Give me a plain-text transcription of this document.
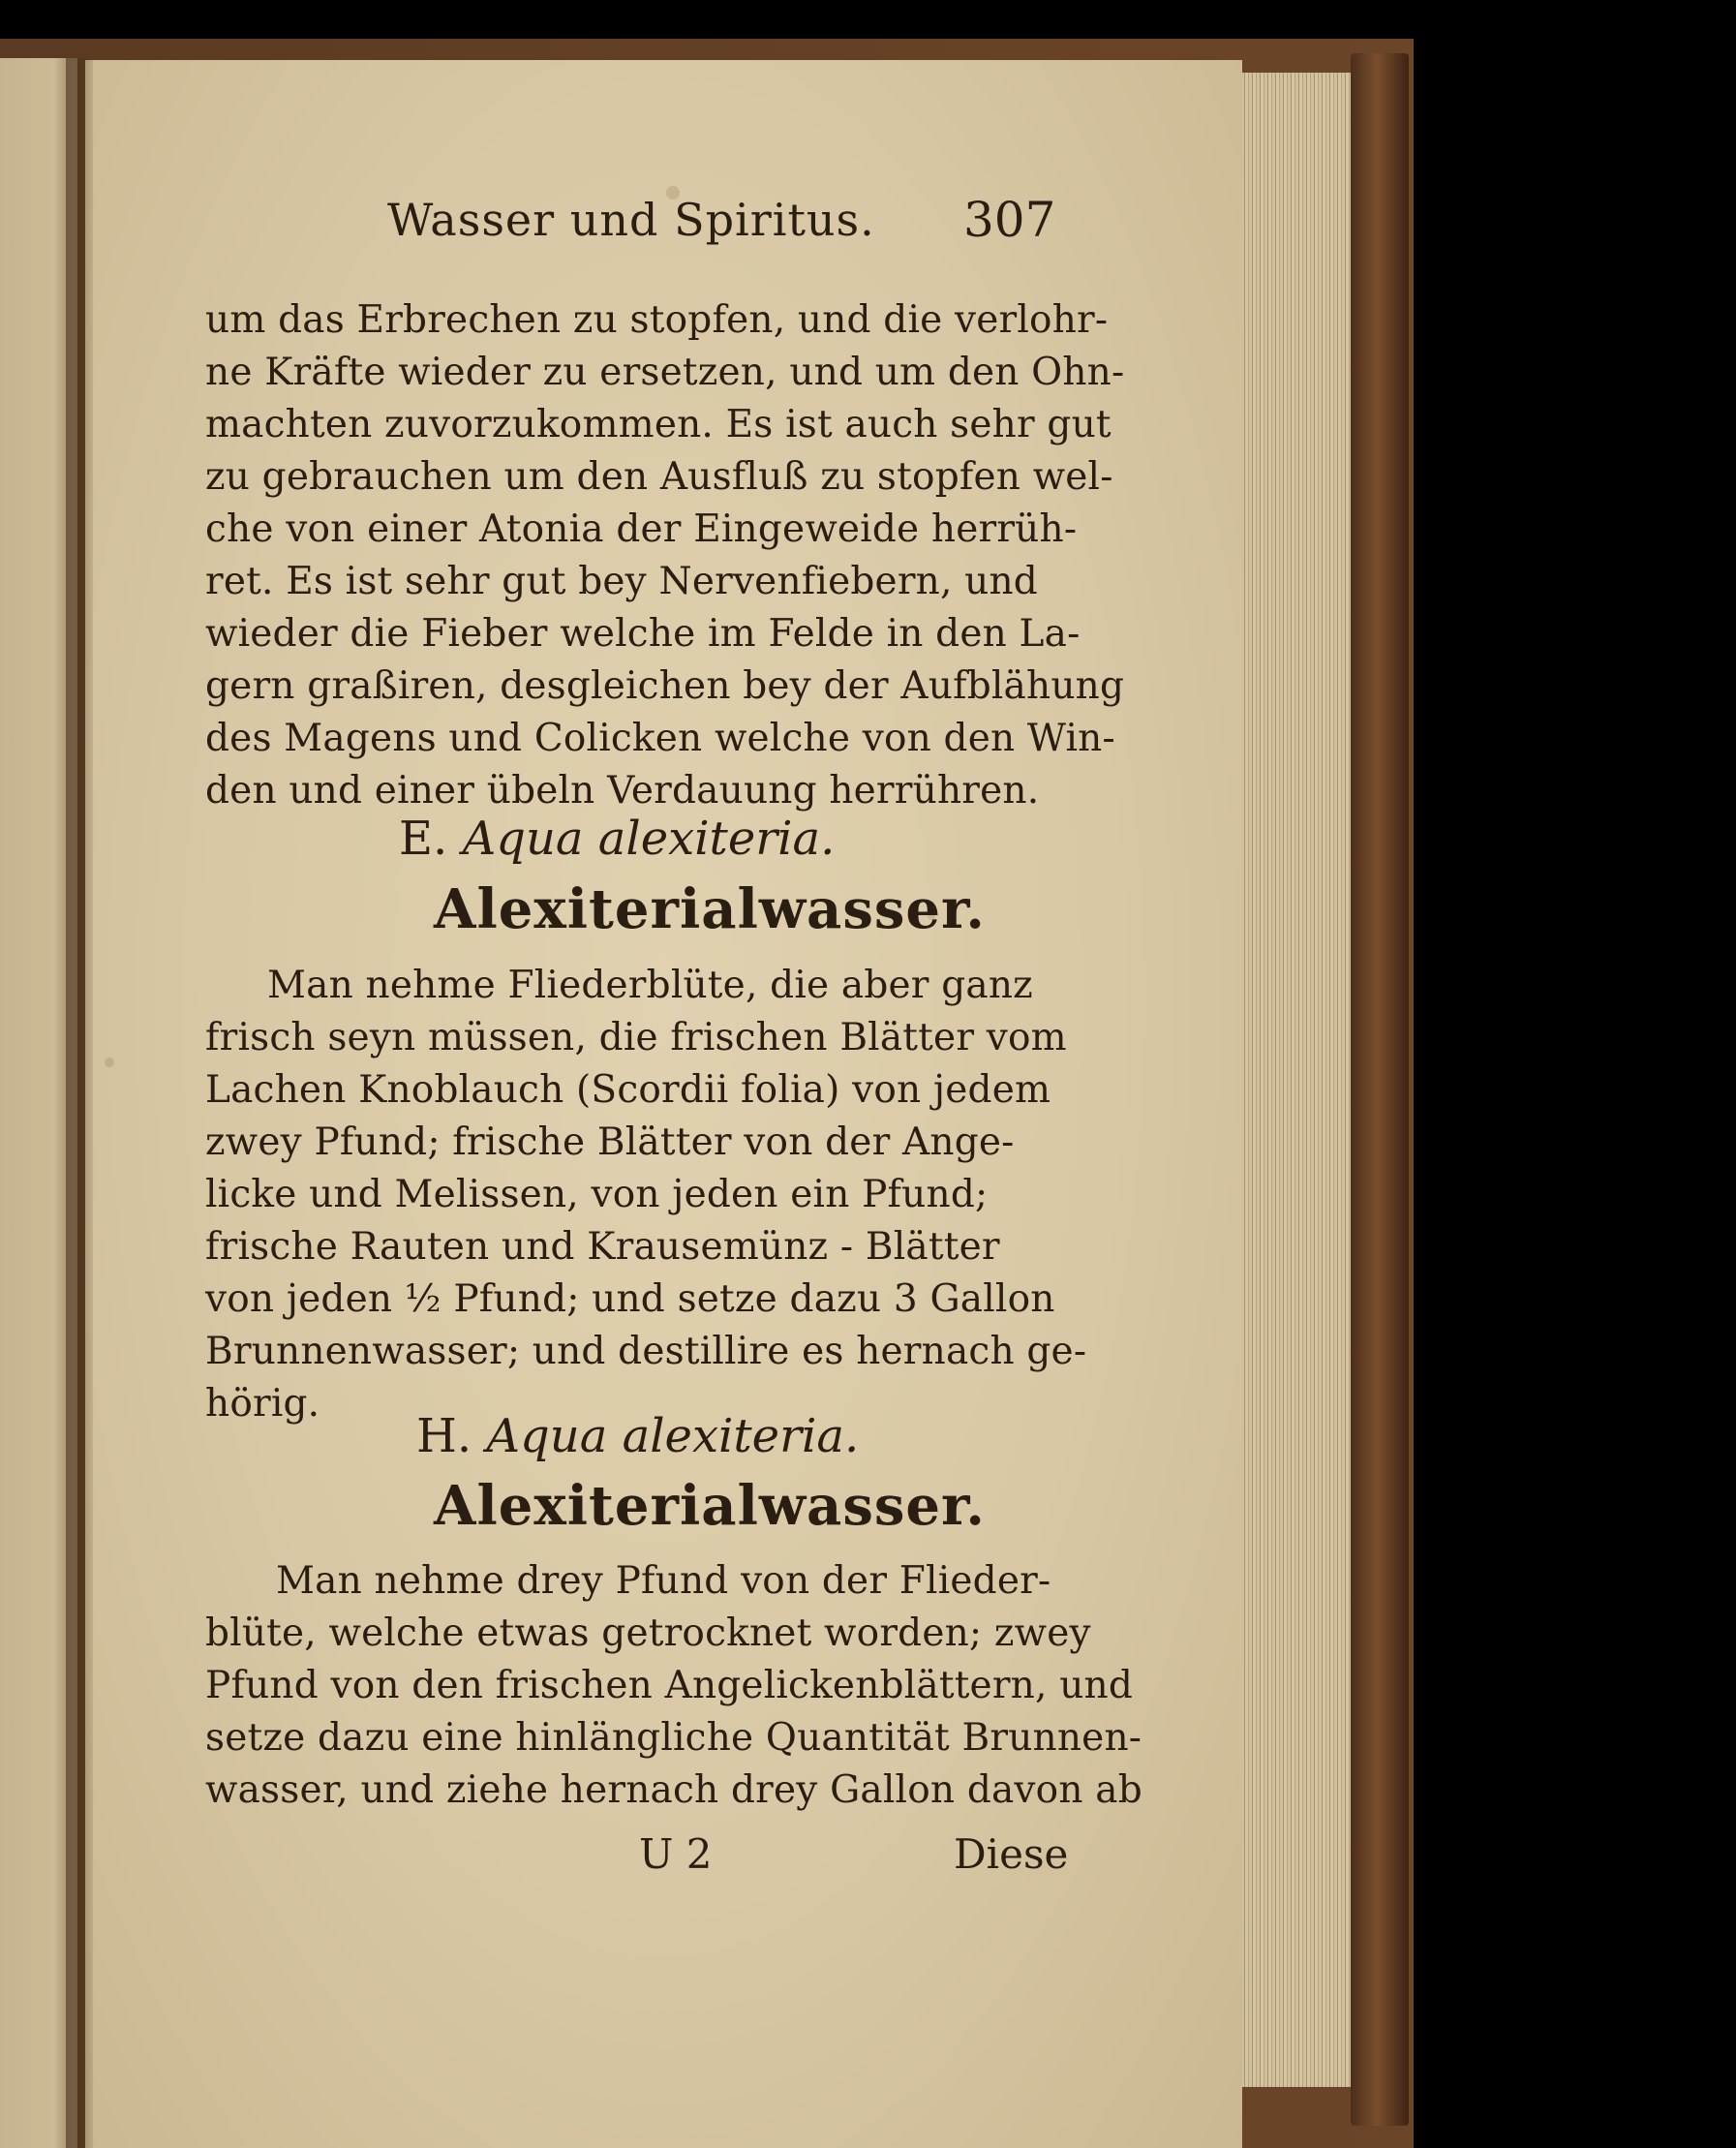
Wasser und Spiritus. 307
um das Erbrechen zu stopfen, und die verlohr-
ne Kräfte wieder zu ersetzen, und um den Ohn-
machten zuvorzukommen. Es ist auch sehr gut
zu gebrauchen um den Ausfluß zu stopfen wel-
che von einer Atonia der Eingeweide herrüh-
ret. Es ist sehr gut bey Nervenfiebern, und
wieder die Fieber welche im Felde in den La-
gern graßiren, desgleichen bey der Aufblähung
des Magens und Colicken welche von den Win-
den und einer übeln Verdauung herrühren.
E. Aqua alexiteria.
Alexiterialwasser.
Man nehme Fliederblüte, die aber ganz
frisch seyn müssen, die frischen Blätter vom
Lachen Knoblauch (Scordii folia) von jedem
zwey Pfund; frische Blätter von der Ange-
licke und Melissen, von jeden ein Pfund;
frische Rauten und Krausemünz - Blätter
von jeden ½ Pfund; und setze dazu 3 Gallon
Brunnenwasser; und destillire es hernach ge-
hörig.
H. Aqua alexiteria.
Alexiterialwasser.
Man nehme drey Pfund von der Flieder-
blüte, welche etwas getrocknet worden; zwey
Pfund von den frischen Angelickenblättern, und
setze dazu eine hinlängliche Quantität Brunnen-
wasser, und ziehe hernach drey Gallon davon ab
U 2	Diese
